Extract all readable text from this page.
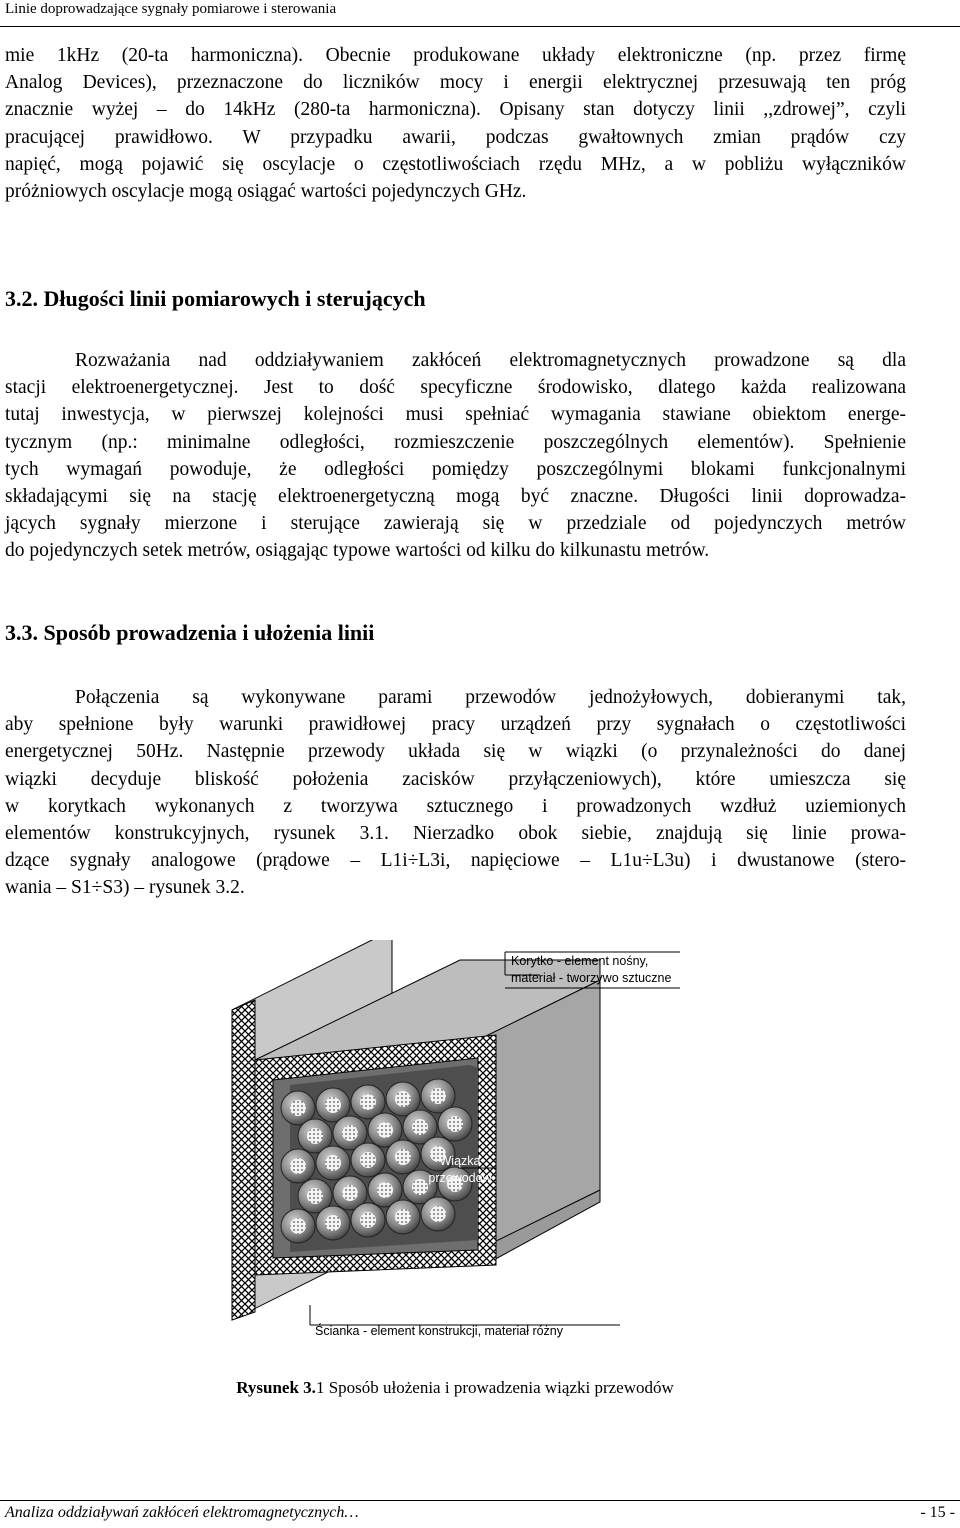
Linie doprowadzające sygnały pomiarowe i sterowania
mie 1kHz (20-ta harmoniczna). Obecnie produkowane układy elektroniczne (np. przez firmę
Analog Devices), przeznaczone do liczników mocy i energii elektrycznej przesuwają ten próg
znacznie wyżej – do 14kHz (280-ta harmoniczna). Opisany stan dotyczy linii ,,zdrowej”, czyli
pracującej prawidłowo. W przypadku awarii, podczas gwałtownych zmian prądów czy
napięć, mogą pojawić się oscylacje o częstotliwościach rzędu MHz, a w pobliżu wyłączników
próżniowych oscylacje mogą osiągać wartości pojedynczych GHz.
3.2. Długości linii pomiarowych i sterujących
Rozważania nad oddziaływaniem zakłóceń elektromagnetycznych prowadzone są dla
stacji elektroenergetycznej. Jest to dość specyficzne środowisko, dlatego każda realizowana
tutaj inwestycja, w pierwszej kolejności musi spełniać wymagania stawiane obiektom energe-
tycznym (np.: minimalne odległości, rozmieszczenie poszczególnych elementów). Spełnienie
tych wymagań powoduje, że odległości pomiędzy poszczególnymi blokami funkcjonalnymi
składającymi się na stację elektroenergetyczną mogą być znaczne. Długości linii doprowadza-
jących sygnały mierzone i sterujące zawierają się w przedziale od pojedynczych metrów
do pojedynczych setek metrów, osiągając typowe wartości od kilku do kilkunastu metrów.
3.3. Sposób prowadzenia i ułożenia linii
Połączenia są wykonywane parami przewodów jednożyłowych, dobieranymi tak,
aby spełnione były warunki prawidłowej pracy urządzeń przy sygnałach o częstotliwości
energetycznej 50Hz. Następnie przewody układa się w wiązki (o przynależności do danej
wiązki decyduje bliskość położenia zacisków przyłączeniowych), które umieszcza się
w korytkach wykonanych z tworzywa sztucznego i prowadzonych wzdłuż uziemionych
elementów konstrukcyjnych, rysunek 3.1. Nierzadko obok siebie, znajdują się linie prowa-
dzące sygnały analogowe (prądowe – L1i÷L3i, napięciowe – L1u÷L3u) i dwustanowe (stero-
wania – S1÷S3) – rysunek 3.2.
Korytko - element nośny,
materiał - tworzywo sztuczne
Wiązka
przewodów
Ścianka - element konstrukcji, materiał różny
Rysunek 3.1 Sposób ułożenia i prowadzenia wiązki przewodów
Analiza oddziaływań zakłóceń elektromagnetycznych…	- 15 -
